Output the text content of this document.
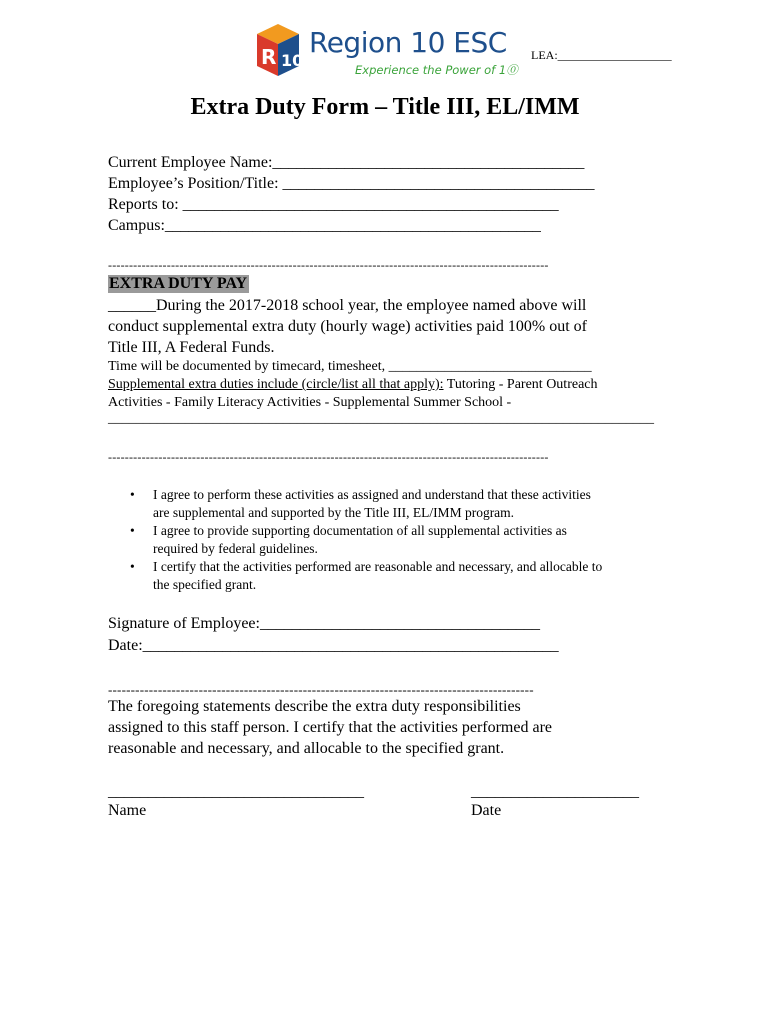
R 10
Region 10 ESC
Experience the Power of 1⓪
LEA:___________________
Extra Duty Form – Title III, EL/IMM
Current Employee Name:_______________________________________
Employee’s Position/Title: _______________________________________
Reports to: _______________________________________________
Campus:_______________________________________________
---------------------------------------------------------------------------------------------------------
EXTRA DUTY PAY
______During the 2017-2018 school year, the employee named above will
conduct supplemental extra duty (hourly wage) activities paid 100% out of
Title III, A Federal Funds.
Time will be documented by timecard, timesheet, _____________________________
Supplemental extra duties include (circle/list all that apply): Tutoring - Parent Outreach
Activities - Family Literacy Activities - Supplemental Summer School -
______________________________________________________________________________
---------------------------------------------------------------------------------------------------------
• I agree to perform these activities as assigned and understand that these activities
are supplemental and supported by the Title III, EL/IMM program.
• I agree to provide supporting documentation of all supplemental activities as
required by federal guidelines.
• I certify that the activities performed are reasonable and necessary, and allocable to
the specified grant.
Signature of Employee:___________________________________
Date:____________________________________________________
----------------------------------------------------------------------------------------------
The foregoing statements describe the extra duty responsibilities
assigned to this staff person. I certify that the activities performed are
reasonable and necessary, and allocable to the specified grant.
________________________________	_____________________
Name	Date
